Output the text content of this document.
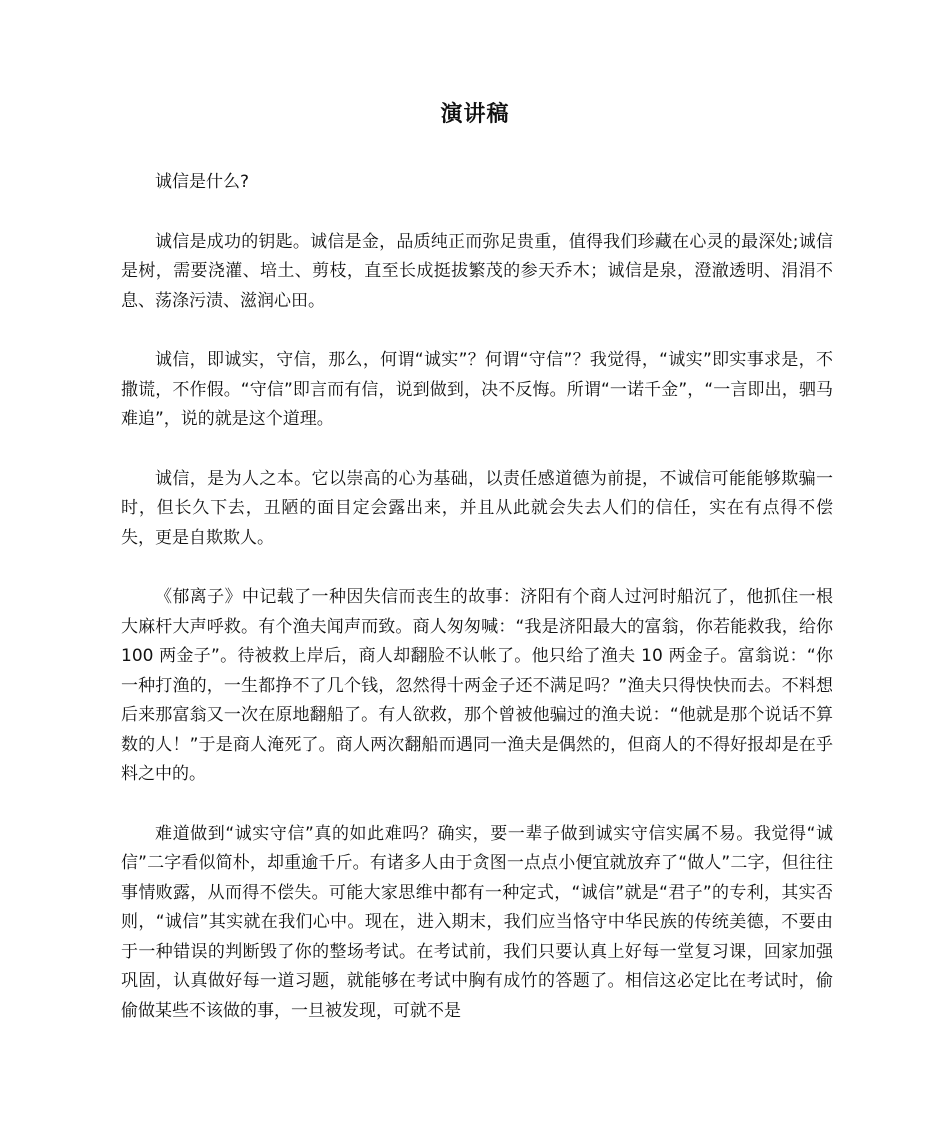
演讲稿

诚信是什么?

诚信是成功的钥匙。诚信是金，品质纯正而弥足贵重，值得我们珍藏在心灵的最深处;诚信是树，需要浇灌、培土、剪枝，直至长成挺拔繁茂的参天乔木；诚信是泉，澄澈透明、涓涓不息、荡涤污渍、滋润心田。

诚信，即诚实，守信，那么，何谓“诚实”？何谓“守信”？我觉得，“诚实”即实事求是，不撒谎，不作假。“守信”即言而有信，说到做到，决不反悔。所谓“一诺千金”，“一言即出，驷马难追”，说的就是这个道理。

诚信，是为人之本。它以崇高的心为基础，以责任感道德为前提，不诚信可能能够欺骗一时，但长久下去，丑陋的面目定会露出来，并且从此就会失去人们的信任，实在有点得不偿失，更是自欺欺人。

《郁离子》中记载了一种因失信而丧生的故事：济阳有个商人过河时船沉了，他抓住一根大麻杆大声呼救。有个渔夫闻声而致。商人匆匆喊：“我是济阳最大的富翁，你若能救我，给你 100 两金子”。待被救上岸后，商人却翻脸不认帐了。他只给了渔夫 10 两金子。富翁说：“你一种打渔的，一生都挣不了几个钱，忽然得十两金子还不满足吗？”渔夫只得快快而去。不料想后来那富翁又一次在原地翻船了。有人欲救，那个曾被他骗过的渔夫说：“他就是那个说话不算数的人！”于是商人淹死了。商人两次翻船而遇同一渔夫是偶然的，但商人的不得好报却是在乎料之中的。

难道做到“诚实守信”真的如此难吗？确实，要一辈子做到诚实守信实属不易。我觉得“诚信”二字看似简朴，却重逾千斤。有诸多人由于贪图一点点小便宜就放弃了“做人”二字，但往往事情败露，从而得不偿失。可能大家思维中都有一种定式，“诚信”就是“君子”的专利，其实否则，“诚信”其实就在我们心中。现在，进入期末，我们应当恪守中华民族的传统美德，不要由于一种错误的判断毁了你的整场考试。在考试前，我们只要认真上好每一堂复习课，回家加强巩固，认真做好每一道习题，就能够在考试中胸有成竹的答题了。相信这必定比在考试时，偷偷做某些不该做的事，一旦被发现，可就不是
